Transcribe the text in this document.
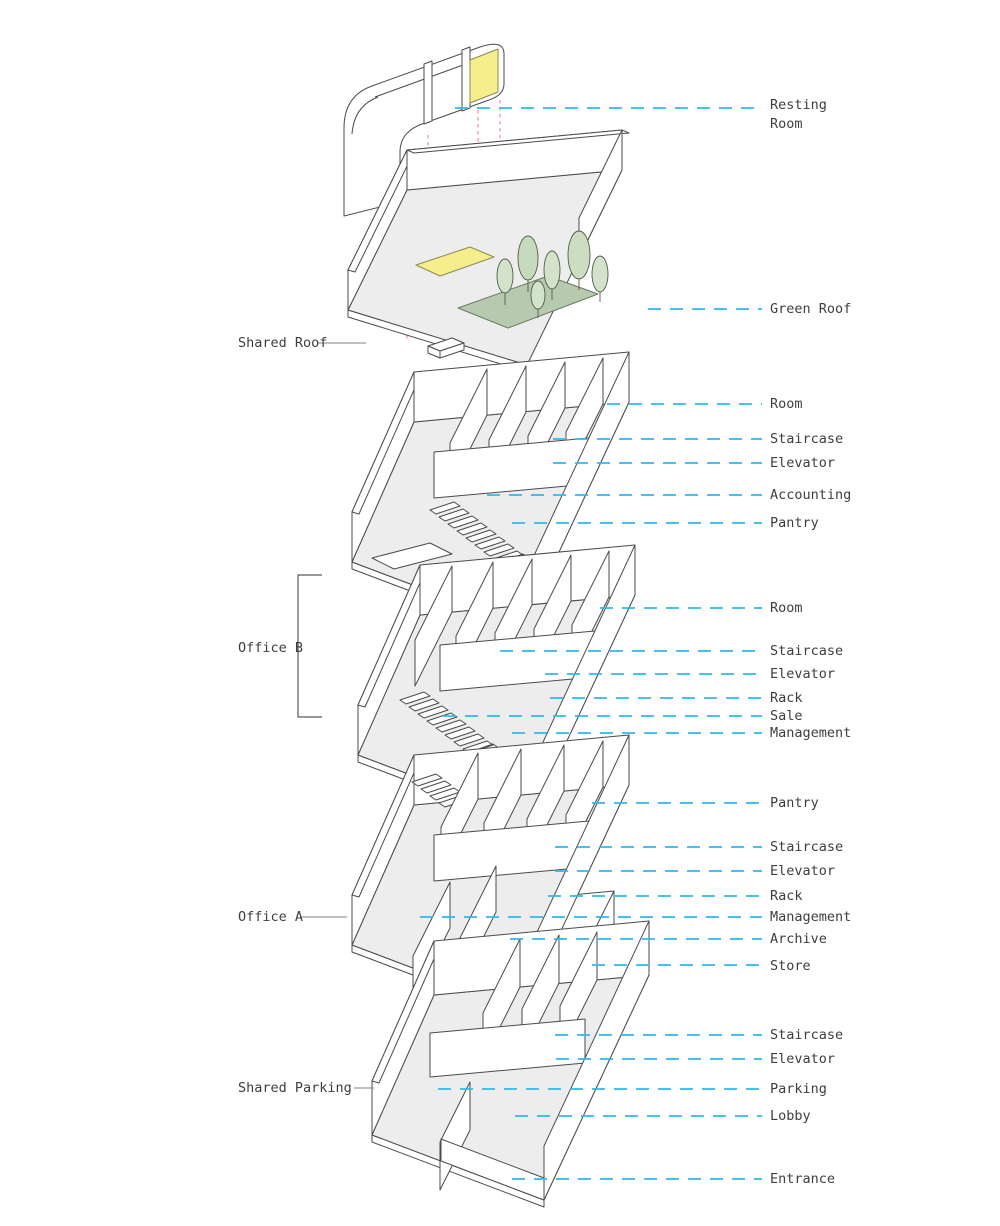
Resting Room
Green Roof
Room
Staircase
Elevator
Accounting
Pantry
Room
Staircase
Elevator
Rack
Sale
Management
Pantry
Staircase
Elevator
Rack
Management
Archive
Store
Staircase
Elevator
Parking
Lobby
Entrance
Shared Roof
Office B
Office A
Shared Parking
